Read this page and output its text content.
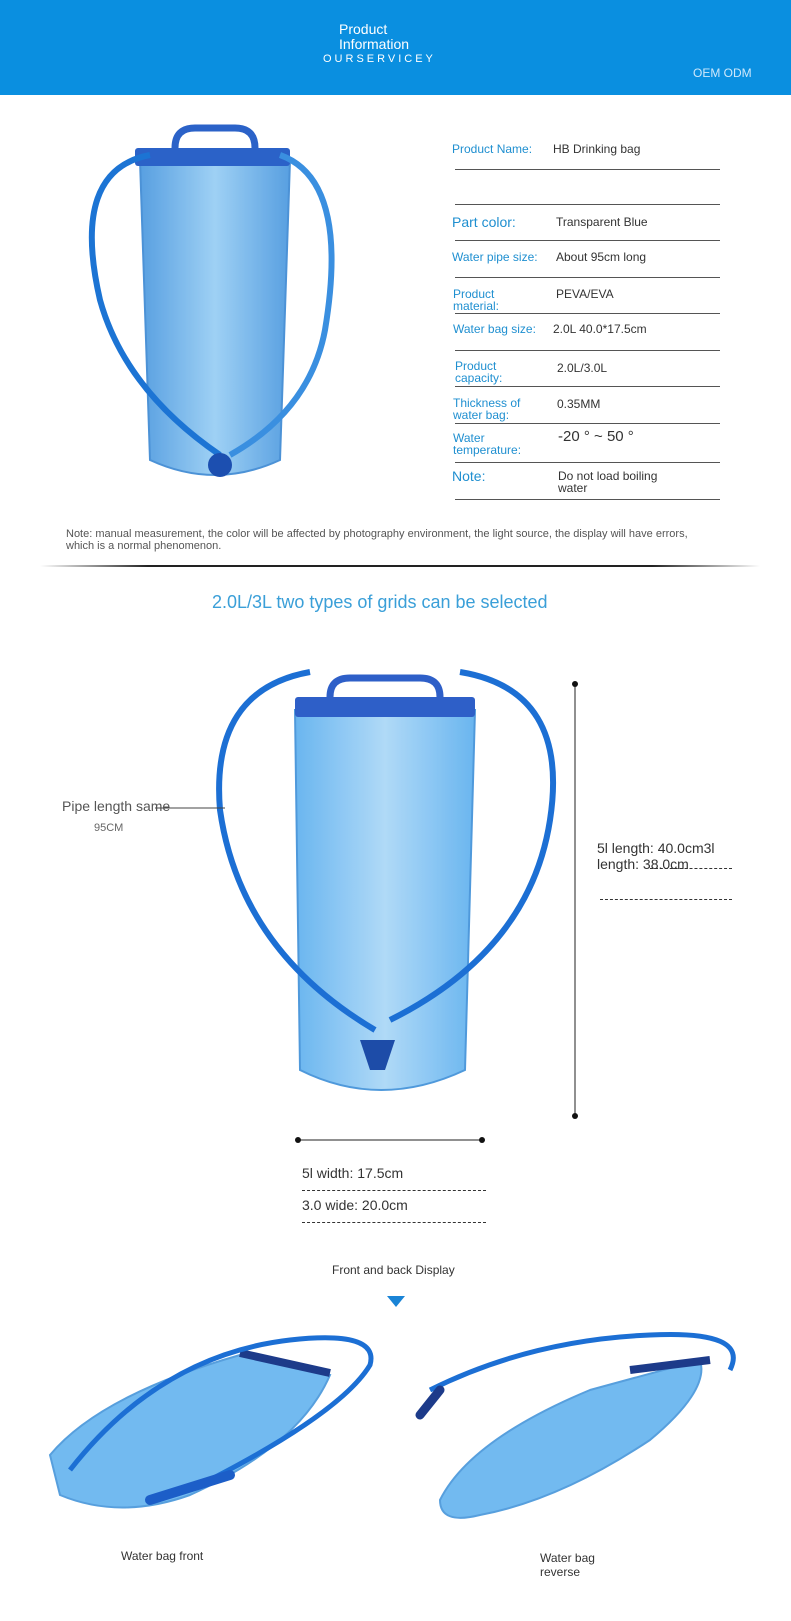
Product
Information
OURSERVICEY
OEM ODM
Product Name: HB Drinking bag
Part color:	Transparent Blue
Water pipe size: About 95cm long
Product material:
PEVA/EVA
Water bag size: 2.0L 40.0*17.5cm
Product capacity:
2.0L/3.0L
Thickness of water bag:
0.35MM
Water temperature:
-20 ° ~ 50 °
Note:	Do not load boiling water
Note: manual measurement, the color will be affected by photography environment, the light source, the display will have errors, which is a normal phenomenon.
2.0L/3L two types of grids can be selected
Pipe length same
95CM
5l length: 40.0cm3l length: 38.0cm
5l width: 17.5cm
3.0 wide: 20.0cm
Front and back Display
Water bag front	Water bag reverse
